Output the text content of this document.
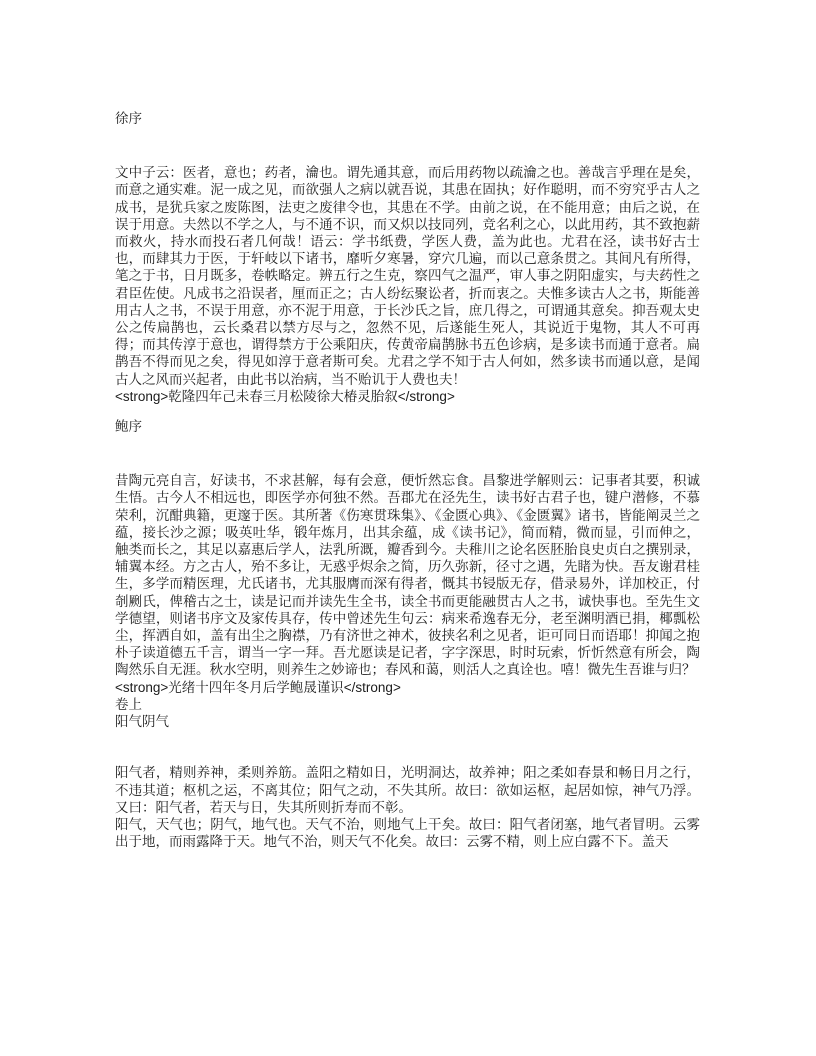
徐序

文中子云：医者，意也；药者，瀹也。谓先通其意，而后用药物以疏瀹之也。善哉言乎理在是矣，而意之通实难。泥一成之见，而欲强人之病以就吾说，其患在固执；好作聪明，而不穷究乎古人之成书，是犹兵家之废陈图，法吏之废律令也，其患在不学。由前之说，在不能用意；由后之说，在误于用意。夫然以不学之人，与不通不识，而又炽以技同列，竞名利之心，以此用药，其不致抱薪而救火，持水而投石者几何哉！语云：学书纸费，学医人费，盖为此也。尤君在泾，读书好古士也，而肆其力于医，于轩岐以下诸书，靡听夕寒暑，穿穴几遍，而以己意条贯之。其间凡有所得，笔之于书，日月既多，卷帙略定。辨五行之生克，察四气之温严，审人事之阴阳虚实，与夫药性之君臣佐使。凡成书之沿误者，厘而正之；古人纷纭聚讼者，折而衷之。夫惟多读古人之书，斯能善用古人之书，不误于用意，亦不泥于用意，于长沙氏之旨，庶几得之，可谓通其意矣。抑吾观太史公之传扁鹊也，云长桑君以禁方尽与之，忽然不见，后遂能生死人，其说近于鬼物，其人不可再得；而其传淳于意也，谓得禁方于公乘阳庆，传黄帝扁鹊脉书五色诊病，是多读书而通于意者。扁鹊吾不得而见之矣，得见如淳于意者斯可矣。尤君之学不知于古人何如，然多读书而通以意，是闻古人之风而兴起者，由此书以治病，当不贻讥于人费也夫！

<strong>乾隆四年己未春三月松陵徐大椿灵胎叙</strong>

鲍序

昔陶元亮自言，好读书，不求甚解，每有会意，便忻然忘食。昌黎进学解则云：记事者其要，积诚生悟。古今人不相远也，即医学亦何独不然。吾郡尤在泾先生，读书好古君子也，键户潜修，不慕荣利，沉酣典籍，更邃于医。其所著《伤寒贯珠集》、《金匮心典》、《金匮翼》诸书，皆能阐灵兰之蕴，接长沙之源；吸英吐华，锻年炼月，出其余蕴，成《读书记》，简而精，微而显，引而伸之，触类而长之，其足以嘉惠后学人，法乳所溉，瓣香到今。夫稚川之论名医胚胎良史贞白之撰别录，辅翼本经。方之古人，殆不多让，无惑乎烬余之简，历久弥新，径寸之遇，先睹为快。吾友谢君桂生，多学而精医理，尤氏诸书，尤其服膺而深有得者，慨其书锓版无存，借录易外，详加校正，付剞劂氏，俾稽古之士，读是记而并读先生全书，读全书而更能融贯古人之书，诚快事也。至先生文学德望，则诸书序文及家传具存，传中曾述先生句云：病来希逸春无分，老至渊明酒已捐，椰瓢松尘，挥洒自如，盖有出尘之胸襟，乃有济世之神术，彼挟名利之见者，讵可同日而语耶！抑闻之抱朴子读道德五千言，谓当一字一拜。吾尤愿读是记者，字字深思，时时玩索，忻忻然意有所会，陶陶然乐自无涯。秋水空明，则养生之妙谛也；春风和蔼，则活人之真诠也。嘻！微先生吾谁与归？

<strong>光绪十四年冬月后学鲍晟谨识</strong>

卷上
阳气阴气

阳气者，精则养神，柔则养筋。盖阳之精如日，光明洞达，故养神；阳之柔如春景和畅日月之行，不违其道；枢机之运，不离其位；阳气之动，不失其所。故曰：欲如运枢，起居如惊，神气乃浮。又曰：阳气者，若天与日，失其所则折寿而不彰。

阳气，天气也；阴气，地气也。天气不治，则地气上干矣。故曰：阳气者闭塞，地气者冒明。云雾出于地，而雨露降于天。地气不治，则天气不化矣。故曰：云雾不精，则上应白露不下。盖天
